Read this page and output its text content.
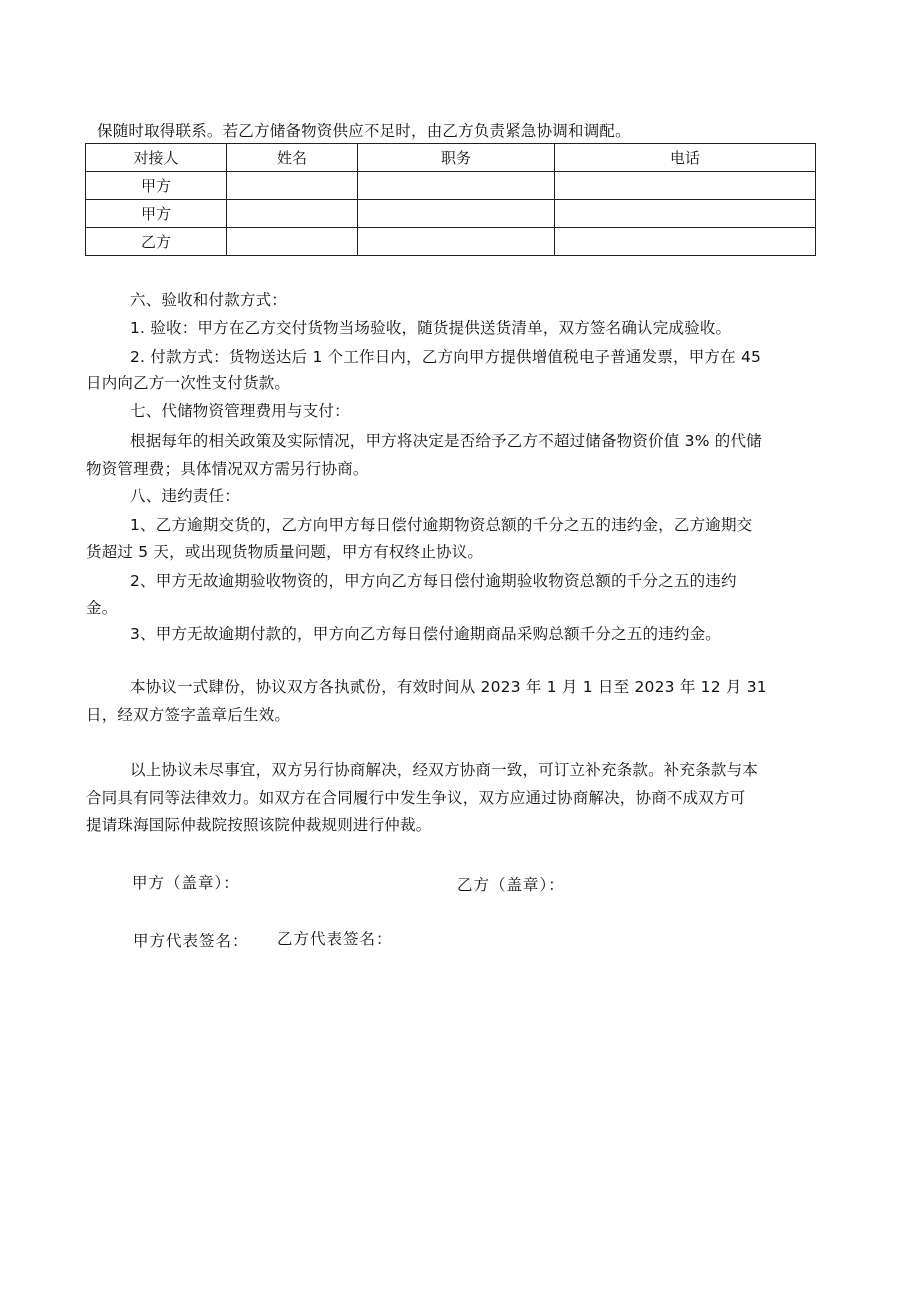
保随时取得联系。若乙方储备物资供应不足时，由乙方负责紧急协调和调配。
对接人	姓名	职务	电话
甲方			
甲方			
乙方			
六、验收和付款方式：
1. 验收：甲方在乙方交付货物当场验收，随货提供送货清单，双方签名确认完成验收。
2. 付款方式：货物送达后 1 个工作日内，乙方向甲方提供增值税电子普通发票，甲方在 45
日内向乙方一次性支付货款。
七、代储物资管理费用与支付：
根据每年的相关政策及实际情况，甲方将决定是否给予乙方不超过储备物资价值 3% 的代储
物资管理费；具体情况双方需另行协商。
八、违约责任：
1、乙方逾期交货的，乙方向甲方每日偿付逾期物资总额的千分之五的违约金，乙方逾期交
货超过 5 天，或出现货物质量问题，甲方有权终止协议。
2、甲方无故逾期验收物资的，甲方向乙方每日偿付逾期验收物资总额的千分之五的违约
金。
3、甲方无故逾期付款的，甲方向乙方每日偿付逾期商品采购总额千分之五的违约金。
本协议一式肆份，协议双方各执贰份，有效时间从 2023 年 1 月 1 日至 2023 年 12 月 31
日，经双方签字盖章后生效。
以上协议未尽事宜，双方另行协商解决，经双方协商一致，可订立补充条款。补充条款与本
合同具有同等法律效力。如双方在合同履行中发生争议，双方应通过协商解决，协商不成双方可
提请珠海国际仲裁院按照该院仲裁规则进行仲裁。
甲方（盖章）：	乙方（盖章）：
甲方代表签名： 乙方代表签名：
